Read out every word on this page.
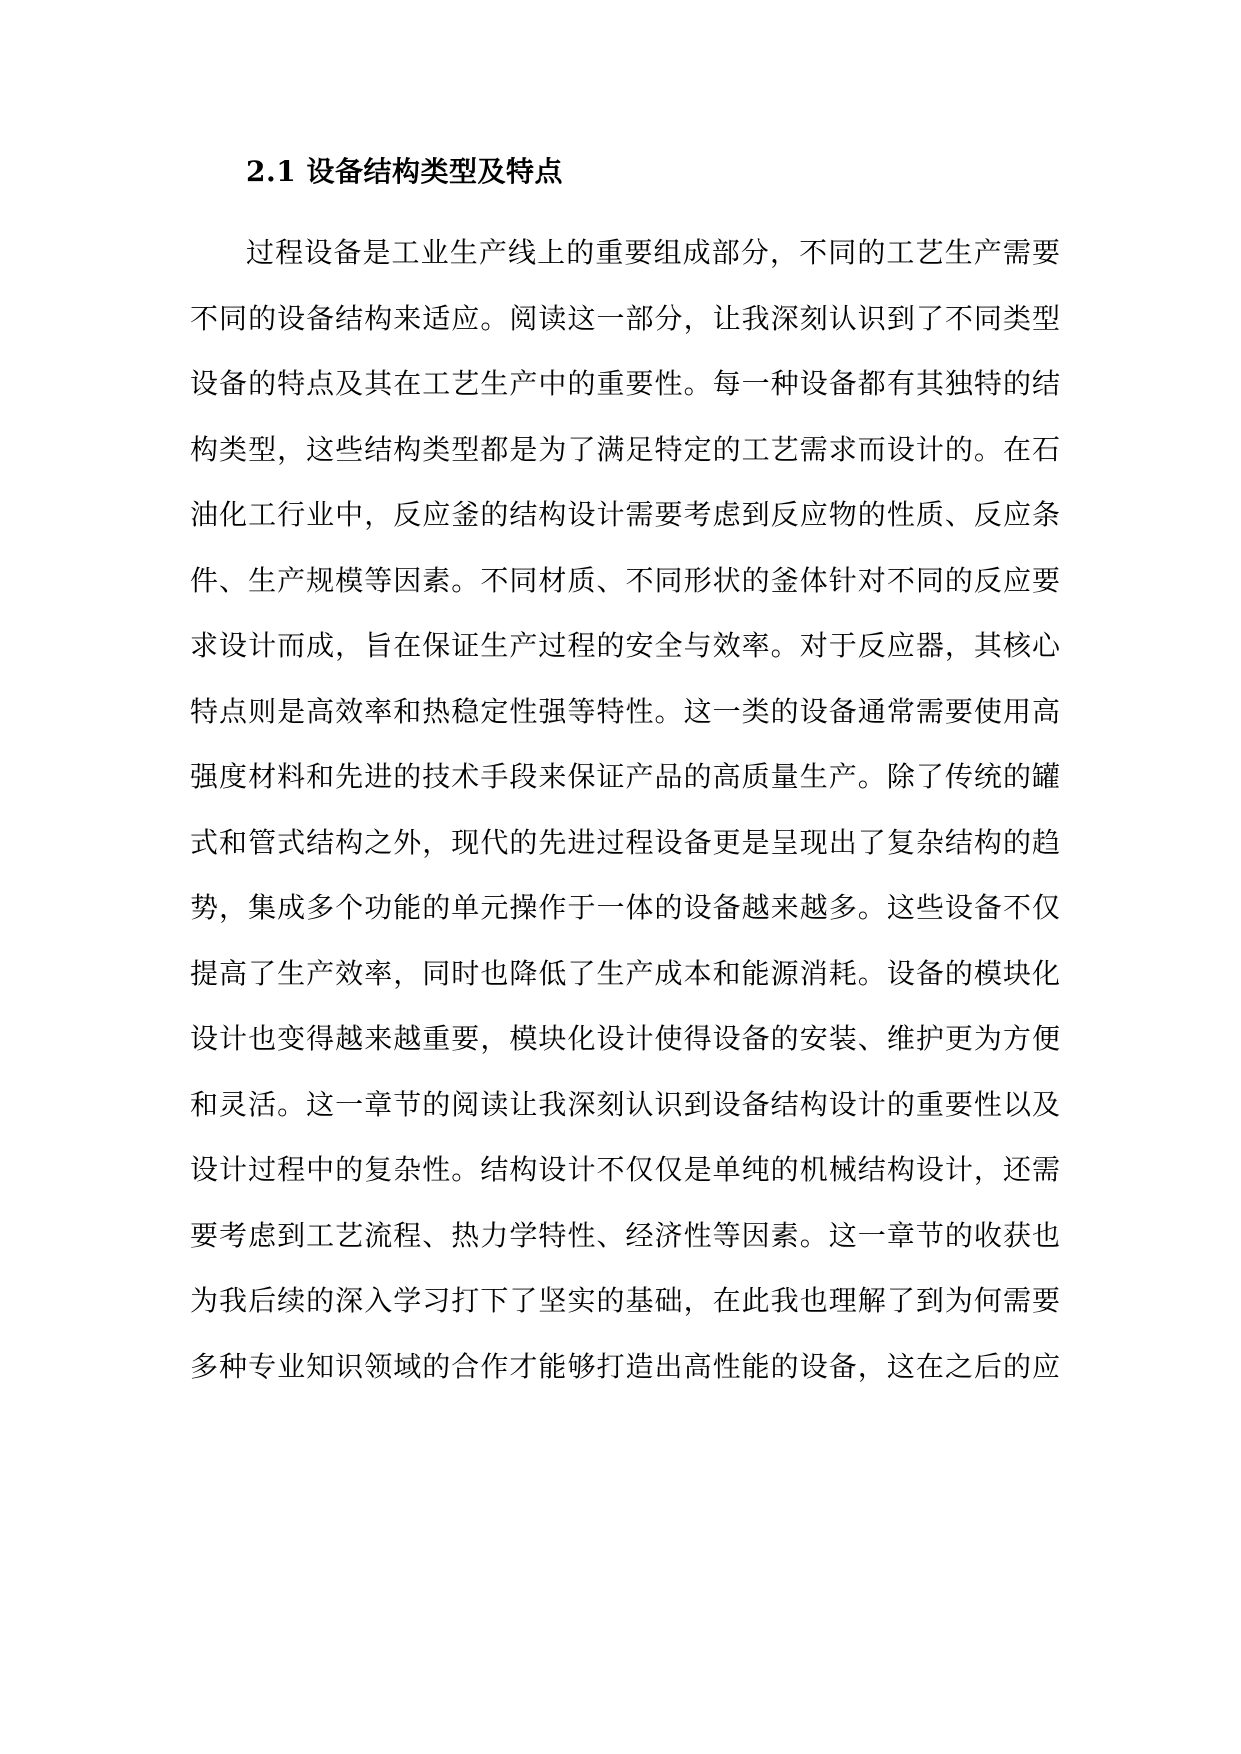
2.1 设备结构类型及特点
过程设备是工业生产线上的重要组成部分，不同的工艺生产需要
不同的设备结构来适应。阅读这一部分，让我深刻认识到了不同类型
设备的特点及其在工艺生产中的重要性。每一种设备都有其独特的结
构类型，这些结构类型都是为了满足特定的工艺需求而设计的。在石
油化工行业中，反应釜的结构设计需要考虑到反应物的性质、反应条
件、生产规模等因素。不同材质、不同形状的釜体针对不同的反应要
求设计而成，旨在保证生产过程的安全与效率。对于反应器，其核心
特点则是高效率和热稳定性强等特性。这一类的设备通常需要使用高
强度材料和先进的技术手段来保证产品的高质量生产。除了传统的罐
式和管式结构之外，现代的先进过程设备更是呈现出了复杂结构的趋
势，集成多个功能的单元操作于一体的设备越来越多。这些设备不仅
提高了生产效率，同时也降低了生产成本和能源消耗。设备的模块化
设计也变得越来越重要，模块化设计使得设备的安装、维护更为方便
和灵活。这一章节的阅读让我深刻认识到设备结构设计的重要性以及
设计过程中的复杂性。结构设计不仅仅是单纯的机械结构设计，还需
要考虑到工艺流程、热力学特性、经济性等因素。这一章节的收获也
为我后续的深入学习打下了坚实的基础，在此我也理解了到为何需要
多种专业知识领域的合作才能够打造出高性能的设备，这在之后的应
